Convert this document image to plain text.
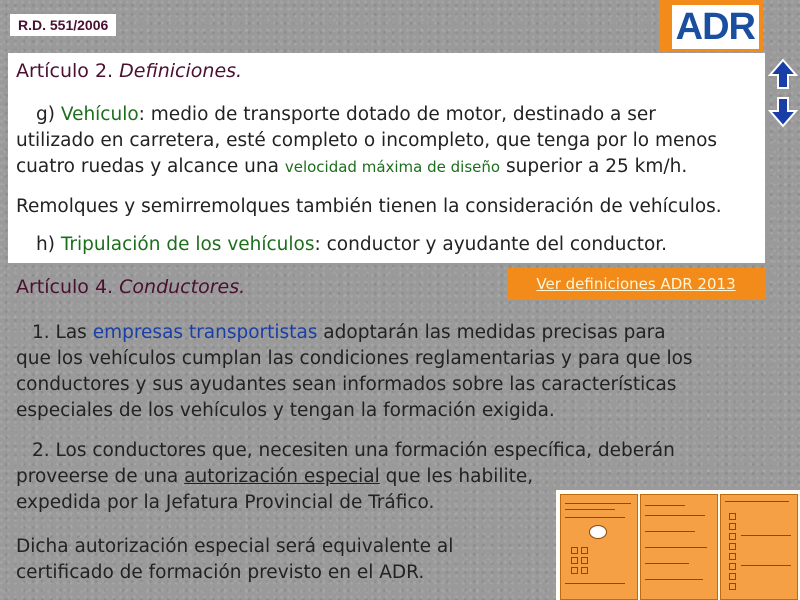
R.D. 551/2006	ADR
Artículo 2. Definiciones.
g) Vehículo: medio de transporte dotado de motor, destinado a ser
utilizado en carretera, esté completo o incompleto, que tenga por lo menos
cuatro ruedas y alcance una velocidad máxima de diseño superior a 25 km/h.
Remolques y semirremolques también tienen la consideración de vehículos.
h) Tripulación de los vehículos: conductor y ayudante del conductor.
Ver definiciones ADR 2013
Artículo 4. Conductores.
1. Las empresas transportistas adoptarán las medidas precisas para
que los vehículos cumplan las condiciones reglamentarias y para que los
conductores y sus ayudantes sean informados sobre las características
especiales de los vehículos y tengan la formación exigida.
2. Los conductores que, necesiten una formación específica, deberán
proveerse de una autorización especial que les habilite,
expedida por la Jefatura Provincial de Tráfico.
Dicha autorización especial será equivalente al
certificado de formación previsto en el ADR.
